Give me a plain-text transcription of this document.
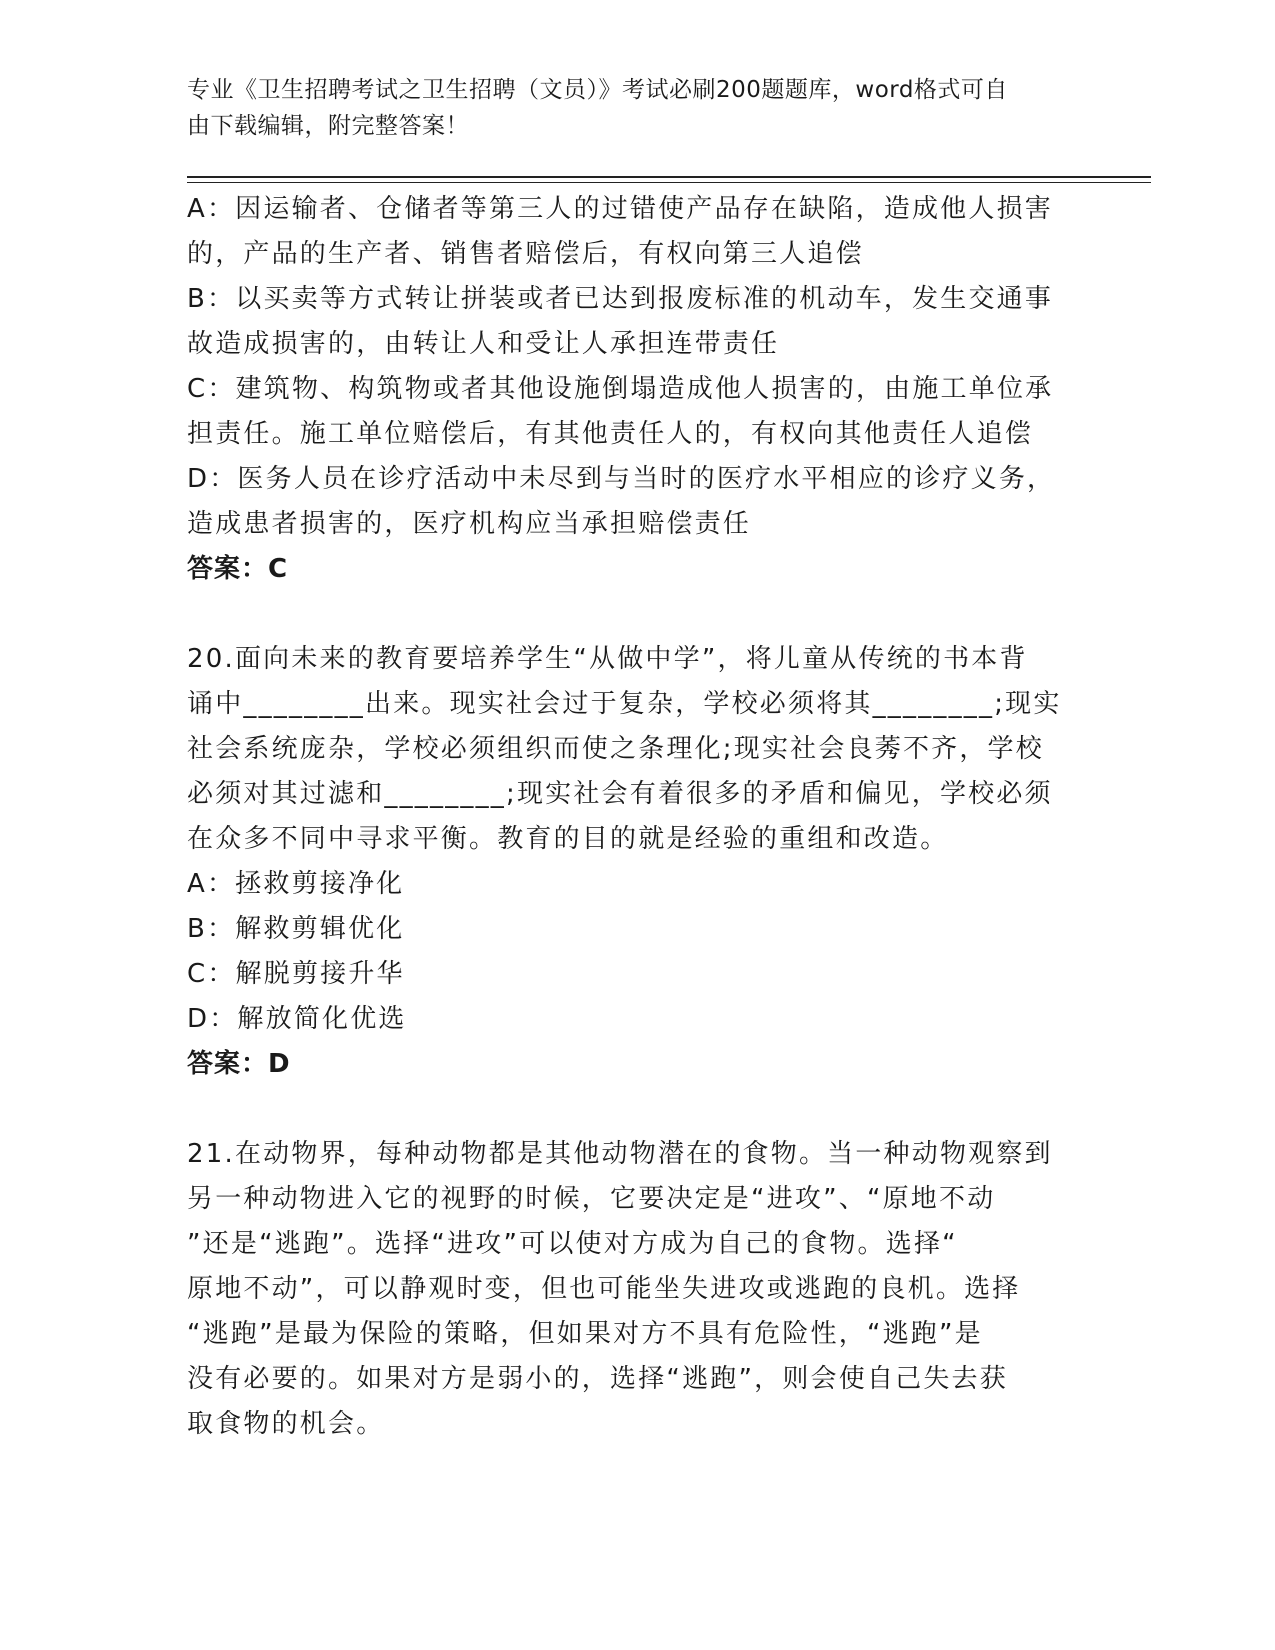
专业《卫生招聘考试之卫生招聘（文员）》考试必刷200题题库，word格式可自
由下载编辑，附完整答案！
A：因运输者、仓储者等第三人的过错使产品存在缺陷，造成他人损害
的，产品的生产者、销售者赔偿后，有权向第三人追偿
B：以买卖等方式转让拼装或者已达到报废标准的机动车，发生交通事
故造成损害的，由转让人和受让人承担连带责任
C：建筑物、构筑物或者其他设施倒塌造成他人损害的，由施工单位承
担责任。施工单位赔偿后，有其他责任人的，有权向其他责任人追偿
D：医务人员在诊疗活动中未尽到与当时的医疗水平相应的诊疗义务，
造成患者损害的，医疗机构应当承担赔偿责任
答案：C
20.面向未来的教育要培养学生“从做中学”，将儿童从传统的书本背
诵中________出来。现实社会过于复杂，学校必须将其________;现实
社会系统庞杂，学校必须组织而使之条理化;现实社会良莠不齐，学校
必须对其过滤和________;现实社会有着很多的矛盾和偏见，学校必须
在众多不同中寻求平衡。教育的目的就是经验的重组和改造。
A：拯救剪接净化
B：解救剪辑优化
C：解脱剪接升华
D：解放简化优选
答案：D
21.在动物界，每种动物都是其他动物潜在的食物。当一种动物观察到
另一种动物进入它的视野的时候，它要决定是“进攻”、“原地不动
”还是“逃跑”。选择“进攻”可以使对方成为自己的食物。选择“
原地不动”，可以静观时变，但也可能坐失进攻或逃跑的良机。选择
“逃跑”是最为保险的策略，但如果对方不具有危险性，“逃跑”是
没有必要的。如果对方是弱小的，选择“逃跑”，则会使自己失去获
取食物的机会。
